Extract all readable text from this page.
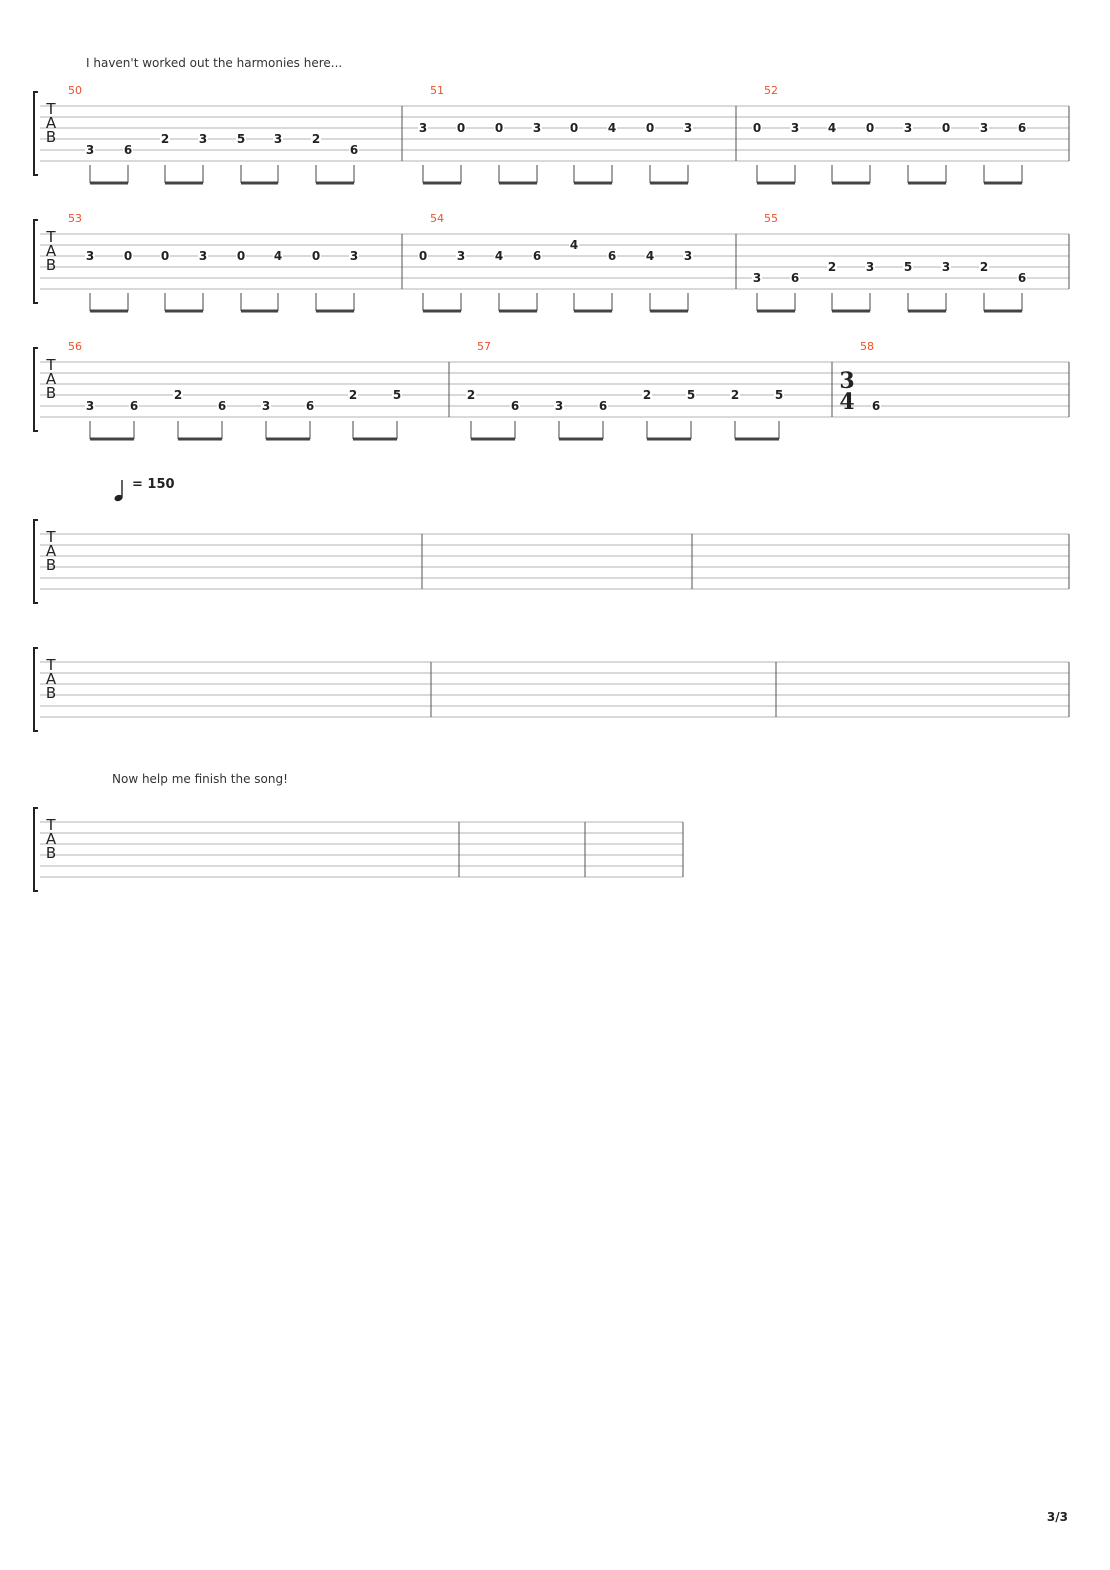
T
A
B
T
A
B
T
A
B
T
A
B
T
A
B
T
A
B
50
3 6
2 3 5 3 2
6
51
3 0 0 3 0 4 0 3
52
0 3 4 0 3 0 3 6
53
3 0 0 3 0 4 0 3
54
0 3 4 6
4
6 4 3
55
3 6
2 3 5 3 2
6
56
3	6
2
6	3	6
2	5
57
2
6	3	6
2	5	2	5
58
3
4 6
I haven't worked out the harmonies here...
= 150
Now help me finish the song!
3/3
